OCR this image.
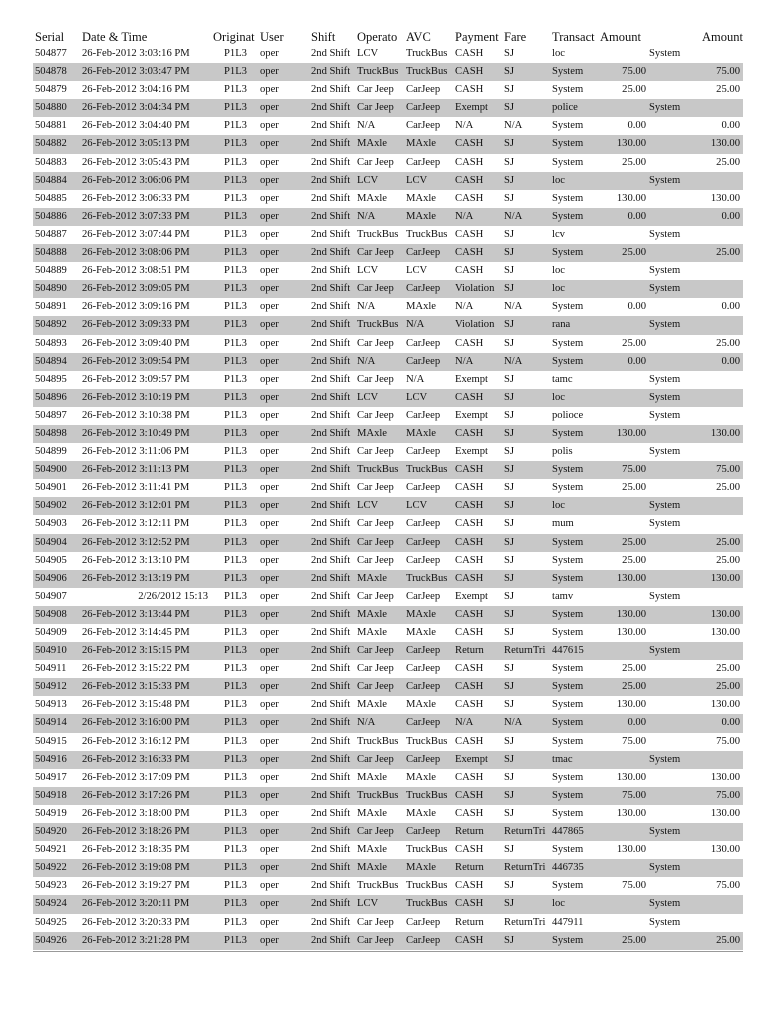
Serial	Date & Time	Originat	User	Shift	Operato	AVC	Payment	Fare	Transact	Amount	Amount
504877	26-Feb-2012 3:03:16 PM	P1L3	oper	2nd Shift	LCV	TruckBus	CASH	SJ	loc		System
504878	26-Feb-2012 3:03:47 PM	P1L3	oper	2nd Shift	TruckBus	TruckBus	CASH	SJ	System	75.00	75.00
504879	26-Feb-2012 3:04:16 PM	P1L3	oper	2nd Shift	Car Jeep	CarJeep	CASH	SJ	System	25.00	25.00
504880	26-Feb-2012 3:04:34 PM	P1L3	oper	2nd Shift	Car Jeep	CarJeep	Exempt	SJ	police		System
504881	26-Feb-2012 3:04:40 PM	P1L3	oper	2nd Shift	N/A	CarJeep	N/A	N/A	System	0.00	0.00
504882	26-Feb-2012 3:05:13 PM	P1L3	oper	2nd Shift	MAxle	MAxle	CASH	SJ	System	130.00	130.00
504883	26-Feb-2012 3:05:43 PM	P1L3	oper	2nd Shift	Car Jeep	CarJeep	CASH	SJ	System	25.00	25.00
504884	26-Feb-2012 3:06:06 PM	P1L3	oper	2nd Shift	LCV	LCV	CASH	SJ	loc		System
504885	26-Feb-2012 3:06:33 PM	P1L3	oper	2nd Shift	MAxle	MAxle	CASH	SJ	System	130.00	130.00
504886	26-Feb-2012 3:07:33 PM	P1L3	oper	2nd Shift	N/A	MAxle	N/A	N/A	System	0.00	0.00
504887	26-Feb-2012 3:07:44 PM	P1L3	oper	2nd Shift	TruckBus	TruckBus	CASH	SJ	lcv		System
504888	26-Feb-2012 3:08:06 PM	P1L3	oper	2nd Shift	Car Jeep	CarJeep	CASH	SJ	System	25.00	25.00
504889	26-Feb-2012 3:08:51 PM	P1L3	oper	2nd Shift	LCV	LCV	CASH	SJ	loc		System
504890	26-Feb-2012 3:09:05 PM	P1L3	oper	2nd Shift	Car Jeep	CarJeep	Violation	SJ	loc		System
504891	26-Feb-2012 3:09:16 PM	P1L3	oper	2nd Shift	N/A	MAxle	N/A	N/A	System	0.00	0.00
504892	26-Feb-2012 3:09:33 PM	P1L3	oper	2nd Shift	TruckBus	N/A	Violation	SJ	rana		System
504893	26-Feb-2012 3:09:40 PM	P1L3	oper	2nd Shift	Car Jeep	CarJeep	CASH	SJ	System	25.00	25.00
504894	26-Feb-2012 3:09:54 PM	P1L3	oper	2nd Shift	N/A	CarJeep	N/A	N/A	System	0.00	0.00
504895	26-Feb-2012 3:09:57 PM	P1L3	oper	2nd Shift	Car Jeep	N/A	Exempt	SJ	tamc		System
504896	26-Feb-2012 3:10:19 PM	P1L3	oper	2nd Shift	LCV	LCV	CASH	SJ	loc		System
504897	26-Feb-2012 3:10:38 PM	P1L3	oper	2nd Shift	Car Jeep	CarJeep	Exempt	SJ	polioce		System
504898	26-Feb-2012 3:10:49 PM	P1L3	oper	2nd Shift	MAxle	MAxle	CASH	SJ	System	130.00	130.00
504899	26-Feb-2012 3:11:06 PM	P1L3	oper	2nd Shift	Car Jeep	CarJeep	Exempt	SJ	polis		System
504900	26-Feb-2012 3:11:13 PM	P1L3	oper	2nd Shift	TruckBus	TruckBus	CASH	SJ	System	75.00	75.00
504901	26-Feb-2012 3:11:41 PM	P1L3	oper	2nd Shift	Car Jeep	CarJeep	CASH	SJ	System	25.00	25.00
504902	26-Feb-2012 3:12:01 PM	P1L3	oper	2nd Shift	LCV	LCV	CASH	SJ	loc		System
504903	26-Feb-2012 3:12:11 PM	P1L3	oper	2nd Shift	Car Jeep	CarJeep	CASH	SJ	mum		System
504904	26-Feb-2012 3:12:52 PM	P1L3	oper	2nd Shift	Car Jeep	CarJeep	CASH	SJ	System	25.00	25.00
504905	26-Feb-2012 3:13:10 PM	P1L3	oper	2nd Shift	Car Jeep	CarJeep	CASH	SJ	System	25.00	25.00
504906	26-Feb-2012 3:13:19 PM	P1L3	oper	2nd Shift	MAxle	TruckBus	CASH	SJ	System	130.00	130.00
504907	2/26/2012 15:13	P1L3	oper	2nd Shift	Car Jeep	CarJeep	Exempt	SJ	tamv		System
504908	26-Feb-2012 3:13:44 PM	P1L3	oper	2nd Shift	MAxle	MAxle	CASH	SJ	System	130.00	130.00
504909	26-Feb-2012 3:14:45 PM	P1L3	oper	2nd Shift	MAxle	MAxle	CASH	SJ	System	130.00	130.00
504910	26-Feb-2012 3:15:15 PM	P1L3	oper	2nd Shift	Car Jeep	CarJeep	Return	ReturnTri	447615		System
504911	26-Feb-2012 3:15:22 PM	P1L3	oper	2nd Shift	Car Jeep	CarJeep	CASH	SJ	System	25.00	25.00
504912	26-Feb-2012 3:15:33 PM	P1L3	oper	2nd Shift	Car Jeep	CarJeep	CASH	SJ	System	25.00	25.00
504913	26-Feb-2012 3:15:48 PM	P1L3	oper	2nd Shift	MAxle	MAxle	CASH	SJ	System	130.00	130.00
504914	26-Feb-2012 3:16:00 PM	P1L3	oper	2nd Shift	N/A	CarJeep	N/A	N/A	System	0.00	0.00
504915	26-Feb-2012 3:16:12 PM	P1L3	oper	2nd Shift	TruckBus	TruckBus	CASH	SJ	System	75.00	75.00
504916	26-Feb-2012 3:16:33 PM	P1L3	oper	2nd Shift	Car Jeep	CarJeep	Exempt	SJ	tmac		System
504917	26-Feb-2012 3:17:09 PM	P1L3	oper	2nd Shift	MAxle	MAxle	CASH	SJ	System	130.00	130.00
504918	26-Feb-2012 3:17:26 PM	P1L3	oper	2nd Shift	TruckBus	TruckBus	CASH	SJ	System	75.00	75.00
504919	26-Feb-2012 3:18:00 PM	P1L3	oper	2nd Shift	MAxle	MAxle	CASH	SJ	System	130.00	130.00
504920	26-Feb-2012 3:18:26 PM	P1L3	oper	2nd Shift	Car Jeep	CarJeep	Return	ReturnTri	447865		System
504921	26-Feb-2012 3:18:35 PM	P1L3	oper	2nd Shift	MAxle	TruckBus	CASH	SJ	System	130.00	130.00
504922	26-Feb-2012 3:19:08 PM	P1L3	oper	2nd Shift	MAxle	MAxle	Return	ReturnTri	446735		System
504923	26-Feb-2012 3:19:27 PM	P1L3	oper	2nd Shift	TruckBus	TruckBus	CASH	SJ	System	75.00	75.00
504924	26-Feb-2012 3:20:11 PM	P1L3	oper	2nd Shift	LCV	TruckBus	CASH	SJ	loc		System
504925	26-Feb-2012 3:20:33 PM	P1L3	oper	2nd Shift	Car Jeep	CarJeep	Return	ReturnTri	447911		System
504926	26-Feb-2012 3:21:28 PM	P1L3	oper	2nd Shift	Car Jeep	CarJeep	CASH	SJ	System	25.00	25.00
